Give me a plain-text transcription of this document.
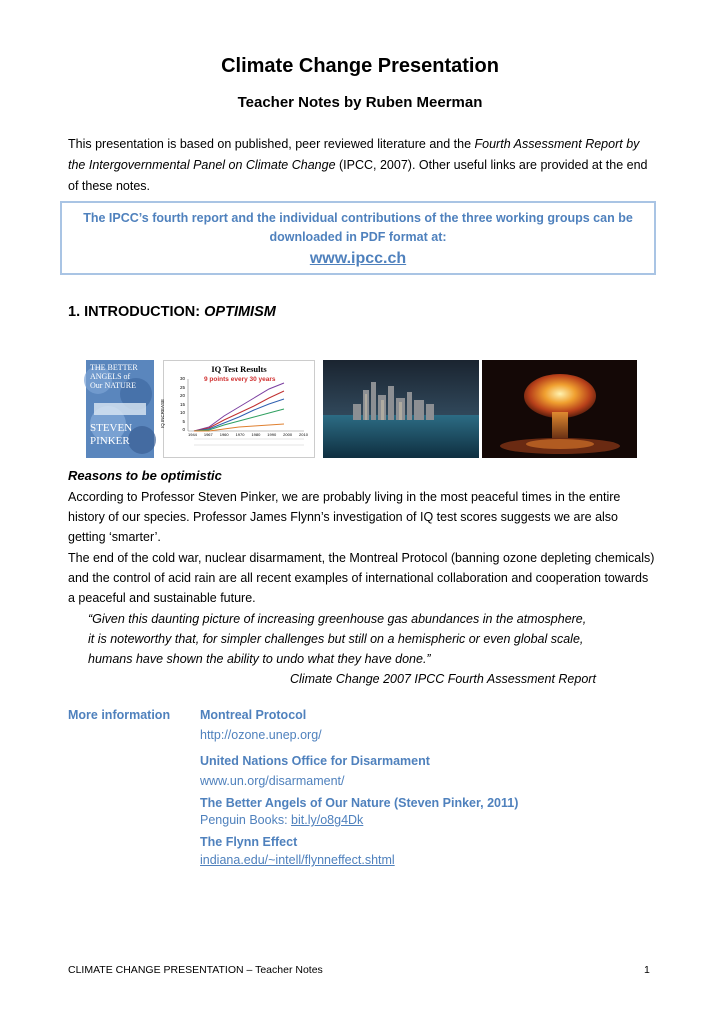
Climate Change Presentation
Teacher Notes by Ruben Meerman
This presentation is based on published, peer reviewed literature and the Fourth Assessment Report by the Intergovernmental Panel on Climate Change (IPCC, 2007). Other useful links are provided at the end of these notes.
The IPCC’s fourth report and the individual contributions of the three working groups can be downloaded in PDF format at:
www.ipcc.ch
1. INTRODUCTION: OPTIMISM
THE BETTER
ANGELS of
Our NATURE
STEVEN
PINKER
IQ Test Results
9 points every 30 years
IQ INCREASE
30
25
20
15
10
5
0
1944 1967 1960 1970 1980 1990 2000 2010
Reasons to be optimistic
According to Professor Steven Pinker, we are probably living in the most peaceful times in the entire history of our species. Professor James Flynn’s investigation of IQ test scores suggests we are also getting ‘smarter’.
The end of the cold war, nuclear disarmament, the Montreal Protocol (banning ozone depleting chemicals) and the control of acid rain are all recent examples of international collaboration and cooperation towards a peaceful and sustainable future.
“Given this daunting picture of increasing greenhouse gas abundances in the atmosphere,
it is noteworthy that, for simpler challenges but still on a hemispheric or even global scale,
humans have shown the ability to undo what they have done.”
Climate Change 2007 IPCC Fourth Assessment Report
More information Montreal Protocol
http://ozone.unep.org/
United Nations Office for Disarmament
www.un.org/disarmament/
The Better Angels of Our Nature (Steven Pinker, 2011)
Penguin Books: bit.ly/o8g4Dk
The Flynn Effect
indiana.edu/~intell/flynneffect.shtml
CLIMATE CHANGE PRESENTATION – Teacher Notes	1
